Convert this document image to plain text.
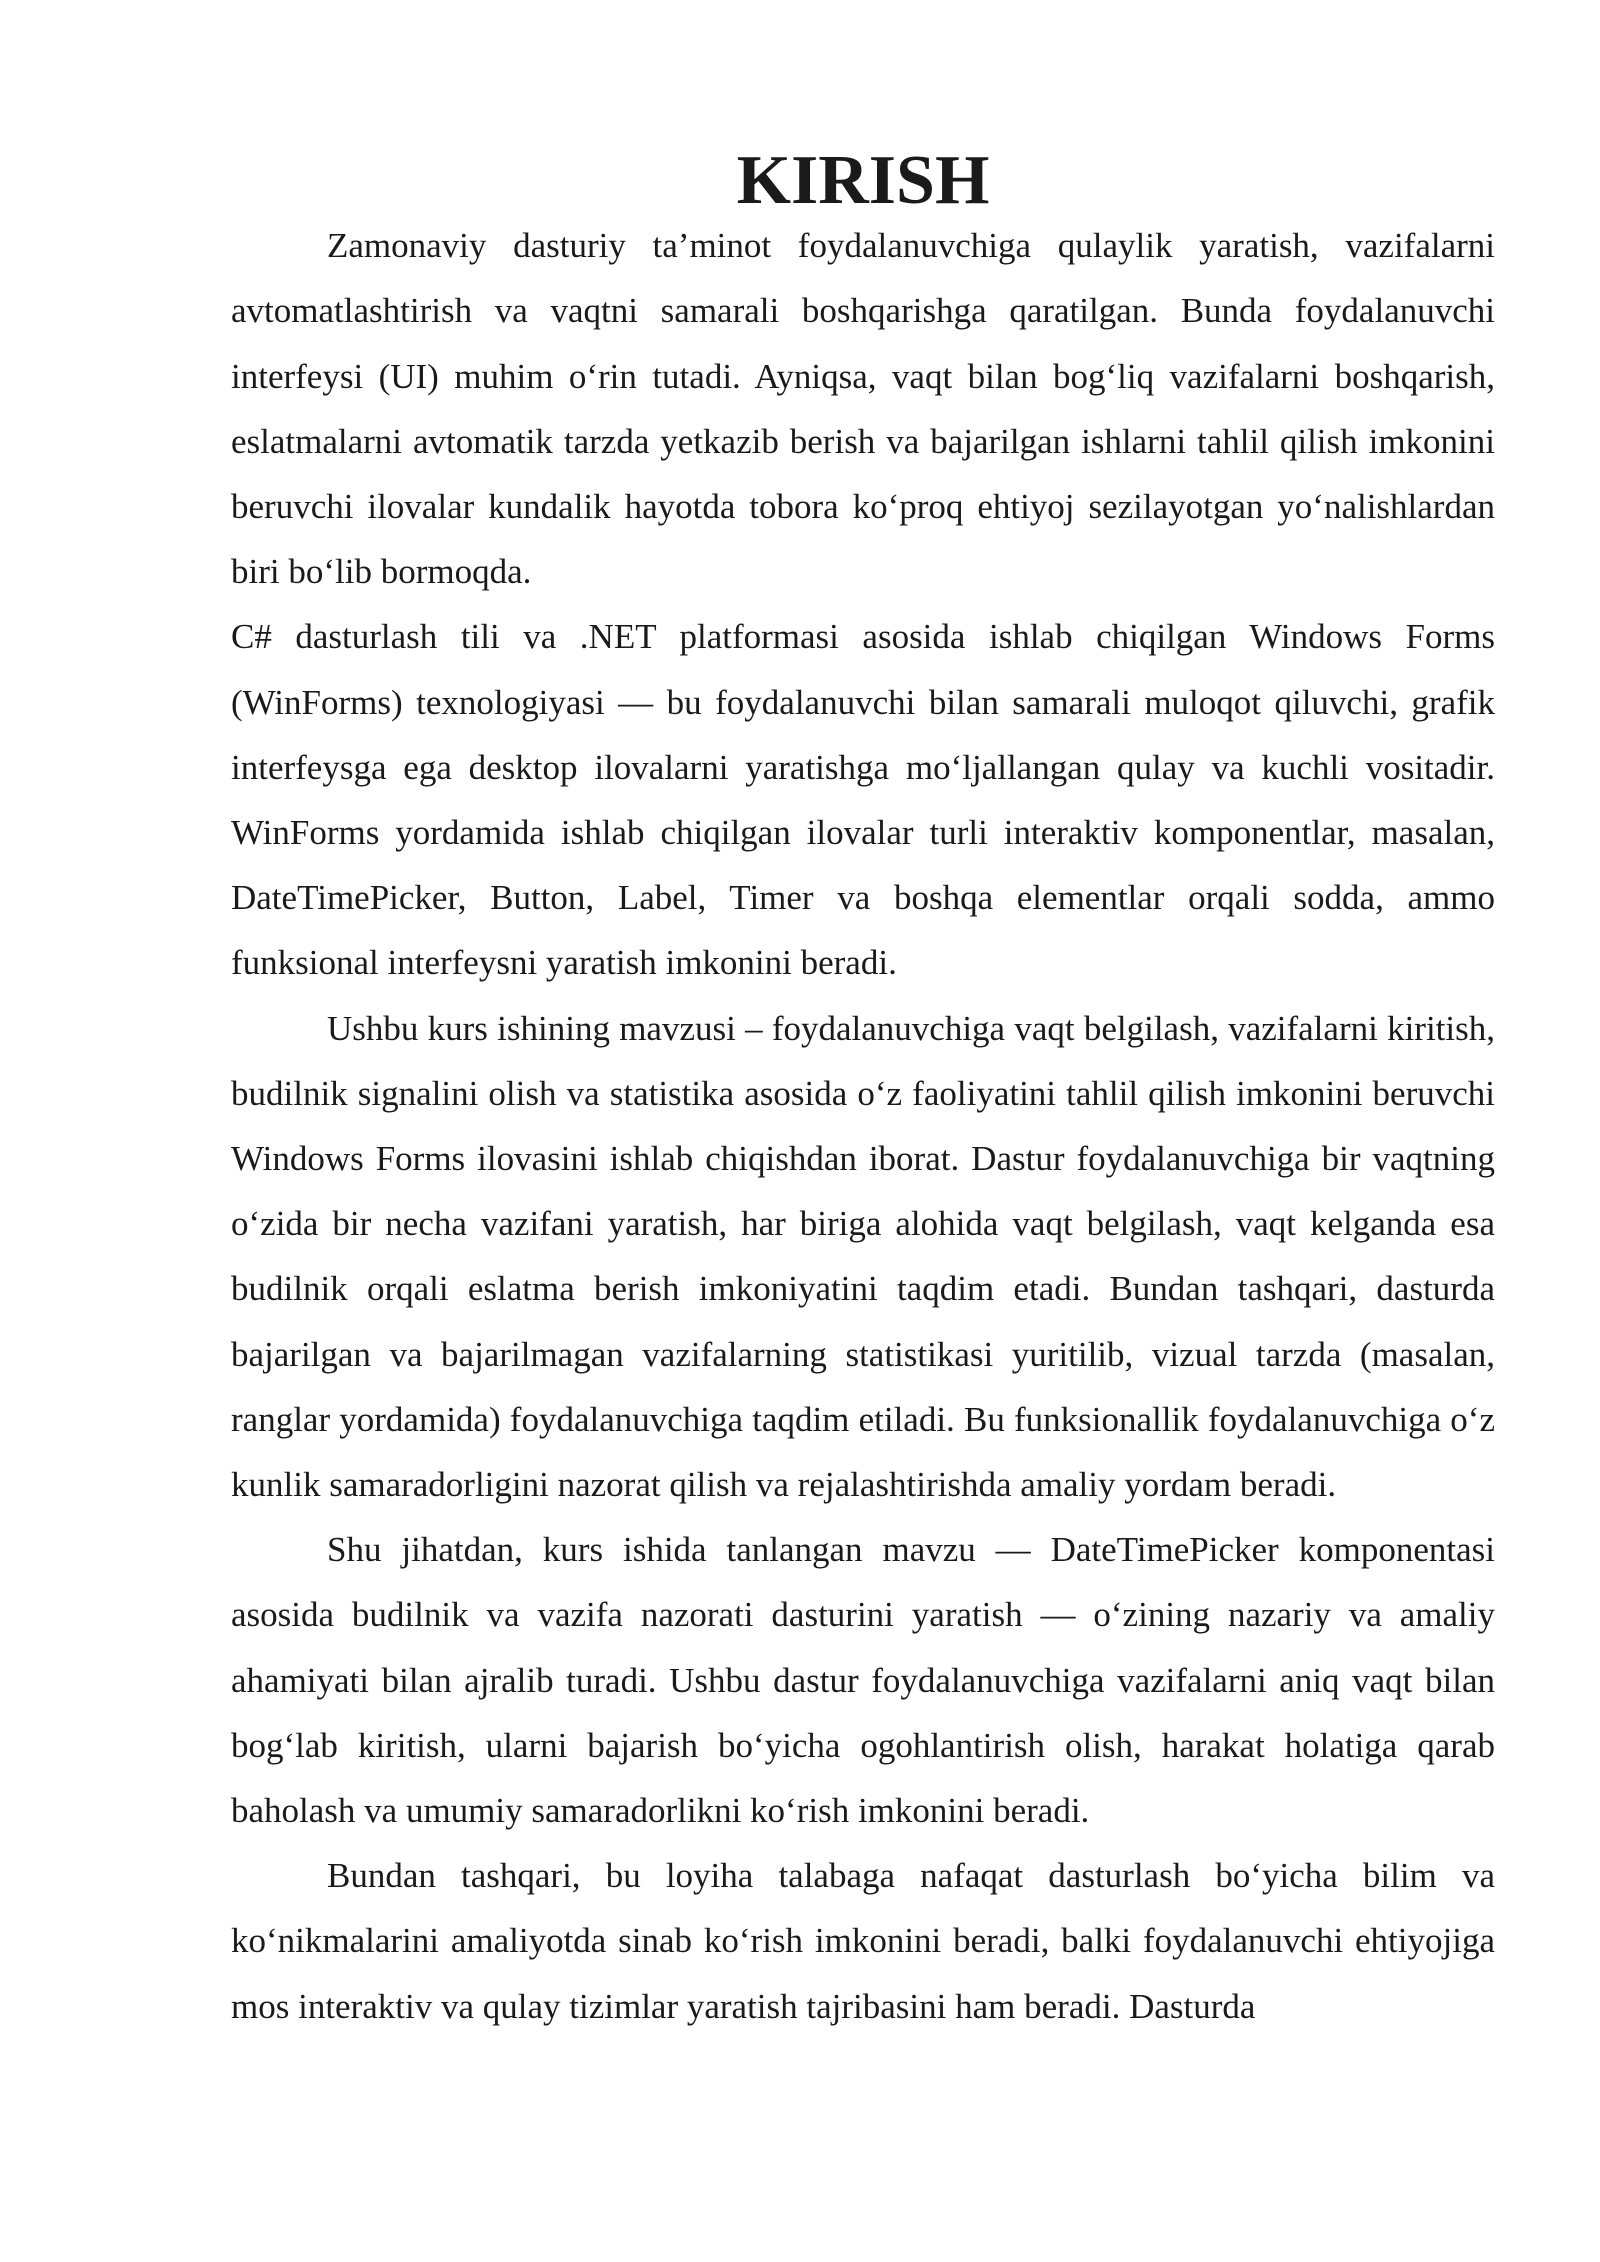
KIRISH

Zamonaviy dasturiy ta’minot foydalanuvchiga qulaylik yaratish, vazifalarni avtomatlashtirish va vaqtni samarali boshqarishga qaratilgan. Bunda foydalanuvchi interfeysi (UI) muhim o‘rin tutadi. Ayniqsa, vaqt bilan bog‘liq vazifalarni boshqarish, eslatmalarni avtomatik tarzda yetkazib berish va bajarilgan ishlarni tahlil qilish imkonini beruvchi ilovalar kundalik hayotda tobora ko‘proq ehtiyoj sezilayotgan yo‘nalishlardan biri bo‘lib bormoqda.

C# dasturlash tili va .NET platformasi asosida ishlab chiqilgan Windows Forms (WinForms) texnologiyasi — bu foydalanuvchi bilan samarali muloqot qiluvchi, grafik interfeysga ega desktop ilovalarni yaratishga mo‘ljallangan qulay va kuchli vositadir. WinForms yordamida ishlab chiqilgan ilovalar turli interaktiv komponentlar, masalan, DateTimePicker, Button, Label, Timer va boshqa elementlar orqali sodda, ammo funksional interfeysni yaratish imkonini beradi.

Ushbu kurs ishining mavzusi – foydalanuvchiga vaqt belgilash, vazifalarni kiritish, budilnik signalini olish va statistika asosida o‘z faoliyatini tahlil qilish imkonini beruvchi Windows Forms ilovasini ishlab chiqishdan iborat. Dastur foydalanuvchiga bir vaqtning o‘zida bir necha vazifani yaratish, har biriga alohida vaqt belgilash, vaqt kelganda esa budilnik orqali eslatma berish imkoniyatini taqdim etadi. Bundan tashqari, dasturda bajarilgan va bajarilmagan vazifalarning statistikasi yuritilib, vizual tarzda (masalan, ranglar yordamida) foydalanuvchiga taqdim etiladi. Bu funksionallik foydalanuvchiga o‘z kunlik samaradorligini nazorat qilish va rejalashtirishda amaliy yordam beradi.

Shu jihatdan, kurs ishida tanlangan mavzu — DateTimePicker komponentasi asosida budilnik va vazifa nazorati dasturini yaratish — o‘zining nazariy va amaliy ahamiyati bilan ajralib turadi. Ushbu dastur foydalanuvchiga vazifalarni aniq vaqt bilan bog‘lab kiritish, ularni bajarish bo‘yicha ogohlantirish olish, harakat holatiga qarab baholash va umumiy samaradorlikni ko‘rish imkonini beradi.

Bundan tashqari, bu loyiha talabaga nafaqat dasturlash bo‘yicha bilim va ko‘nikmalarini amaliyotda sinab ko‘rish imkonini beradi, balki foydalanuvchi ehtiyojiga mos interaktiv va qulay tizimlar yaratish tajribasini ham beradi. Dasturda
